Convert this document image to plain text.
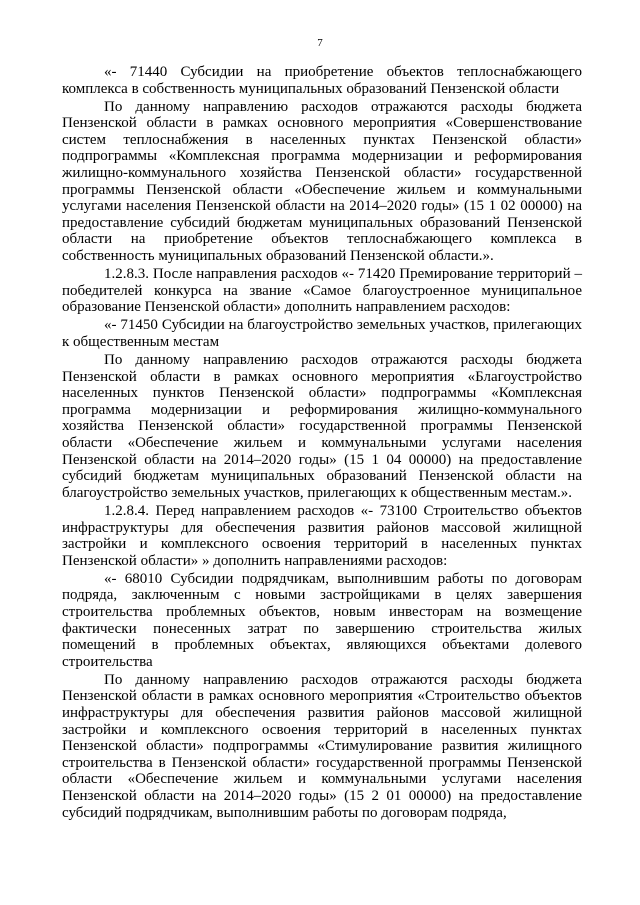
7

«- 71440 Субсидии на приобретение объектов теплоснабжающего комплекса в собственность муниципальных образований Пензенской области

По данному направлению расходов отражаются расходы бюджета Пензенской области в рамках основного мероприятия «Совершенствование систем теплоснабжения в населенных пунктах Пензенской области» подпрограммы «Комплексная программа модернизации и реформирования жилищно-коммунального хозяйства Пензенской области» государственной программы Пензенской области «Обеспечение жильем и коммунальными услугами населения Пензенской области на 2014–2020 годы» (15 1 02 00000) на предоставление субсидий бюджетам муниципальных образований Пензенской области на приобретение объектов теплоснабжающего комплекса в собственность муниципальных образований Пензенской области.».

1.2.8.3. После направления расходов «- 71420 Премирование территорий – победителей конкурса на звание «Самое благоустроенное муниципальное образование Пензенской области» дополнить направлением расходов:

«- 71450 Субсидии на благоустройство земельных участков, прилегающих к общественным местам

По данному направлению расходов отражаются расходы бюджета Пензенской области в рамках основного мероприятия «Благоустройство населенных пунктов Пензенской области» подпрограммы «Комплексная программа модернизации и реформирования жилищно-коммунального хозяйства Пензенской области» государственной программы Пензенской области «Обеспечение жильем и коммунальными услугами населения Пензенской области на 2014–2020 годы» (15 1 04 00000) на предоставление субсидий бюджетам муниципальных образований Пензенской области на благоустройство земельных участков, прилегающих к общественным местам.».

1.2.8.4. Перед направлением расходов «- 73100 Строительство объектов инфраструктуры для обеспечения развития районов массовой жилищной застройки и комплексного освоения территорий в населенных пунктах Пензенской области» » дополнить направлениями расходов:

«- 68010 Субсидии подрядчикам, выполнившим работы по договорам подряда, заключенным с новыми застройщиками в целях завершения строительства проблемных объектов, новым инвесторам на возмещение фактически понесенных затрат по завершению строительства жилых помещений в проблемных объектах, являющихся объектами долевого строительства

По данному направлению расходов отражаются расходы бюджета Пензенской области в рамках основного мероприятия «Строительство объектов инфраструктуры для обеспечения развития районов массовой жилищной застройки и комплексного освоения территорий в населенных пунктах Пензенской области» подпрограммы «Стимулирование развития жилищного строительства в Пензенской области» государственной программы Пензенской области «Обеспечение жильем и коммунальными услугами населения Пензенской области на 2014–2020 годы» (15 2 01 00000) на предоставление субсидий подрядчикам, выполнившим работы по договорам подряда,
